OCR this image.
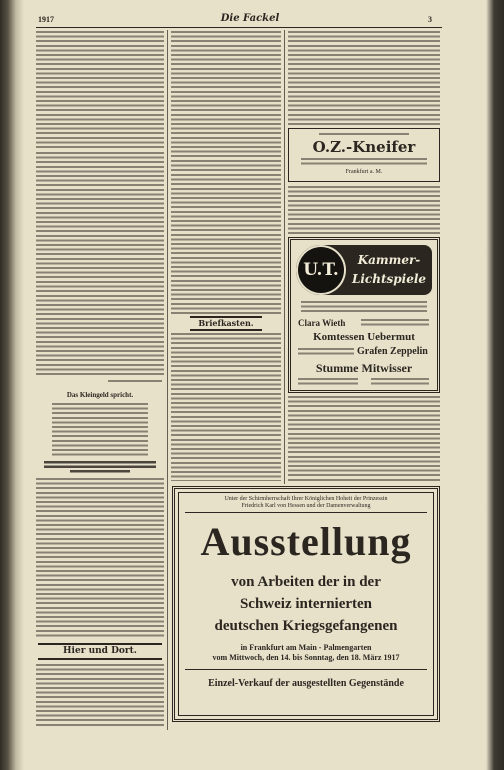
1917	Die Fackel	3
Das Kleingeld spricht.
Hier und Dort.
Briefkasten.
O.Z.-Kneifer
Frankfurt a. M.
U.T.	Kammer-Lichtspiele
Clara Wieth
Komtessen Uebermut
Grafen Zeppelin
Stumme Mitwisser
Unter der Schirmherrschaft Ihrer Königlichen Hoheit der Prinzessin
Friedrich Karl von Hessen und der Damenverwaltung
Ausstellung
von Arbeiten der in der
Schweiz internierten
deutschen Kriegsgefangenen
in Frankfurt am Main - Palmengarten
vom Mittwoch, den 14. bis Sonntag, den 18. März 1917
Einzel-Verkauf der ausgestellten Gegenstände
